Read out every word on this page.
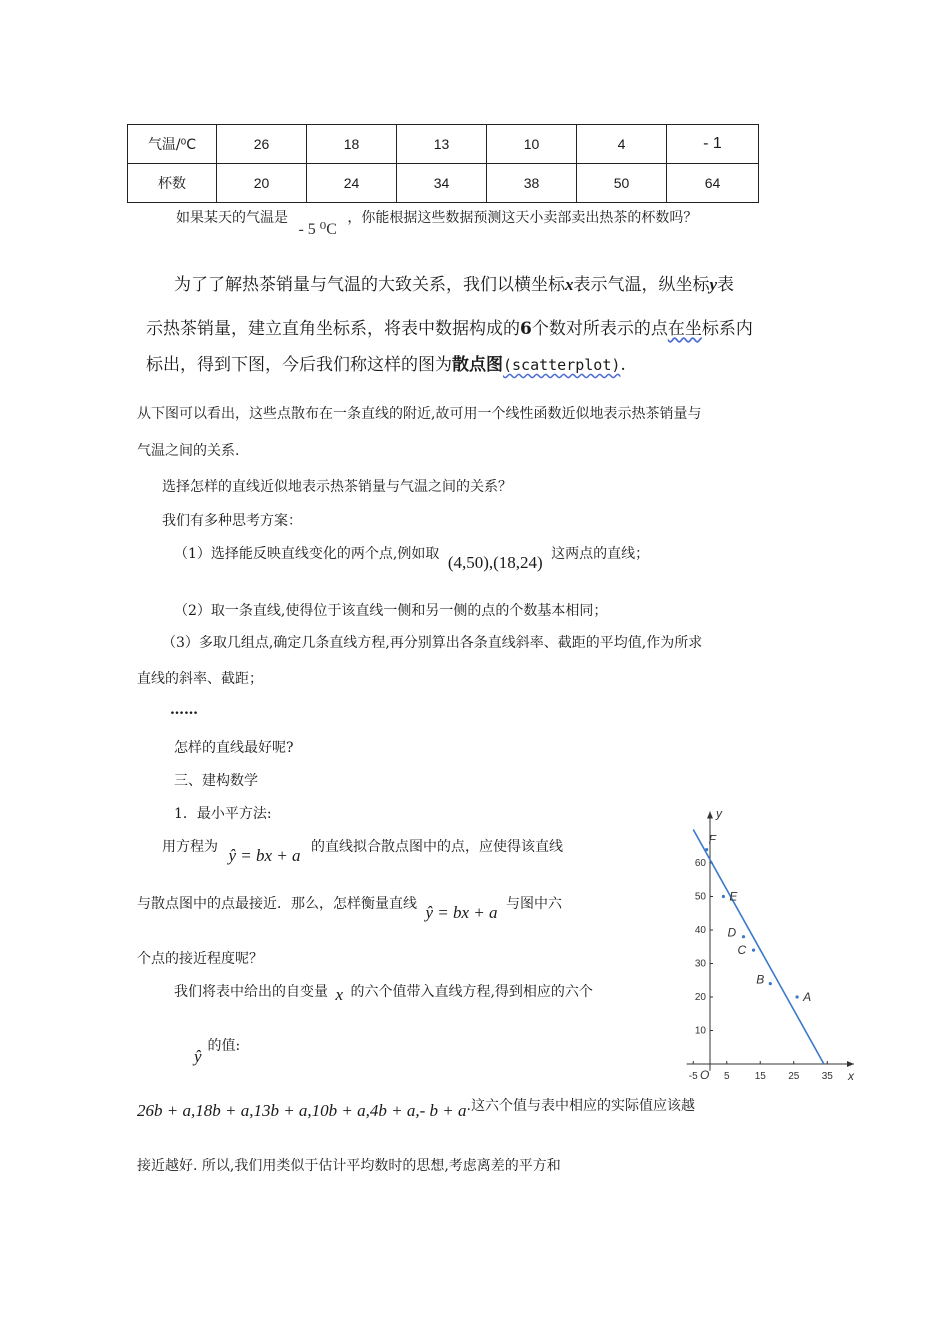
气温/⁰C	26	18	13	10	4	- 1
杯数	20	24	34	38	50	64
如果某天的气温是 - 5 ⁰C ，你能根据这些数据预测这天小卖部卖出热茶的杯数吗？
为了了解热茶销量与气温的大致关系，我们以横坐标x表示气温，纵坐标y表
示热茶销量，建立直角坐标系，将表中数据构成的6个数对所表示的点在坐标系内
标出，得到下图，今后我们称这样的图为散点图(scatterplot).
从下图可以看出，这些点散布在一条直线的附近,故可用一个线性函数近似地表示热茶销量与
气温之间的关系.
选择怎样的直线近似地表示热茶销量与气温之间的关系？
我们有多种思考方案：
（1）选择能反映直线变化的两个点,例如取 (4,50),(18,24) 这两点的直线；
（2）取一条直线,使得位于该直线一侧和另一侧的点的个数基本相同；
（3）多取几组点,确定几条直线方程,再分别算出各条直线斜率、截距的平均值,作为所求
直线的斜率、截距；
……
怎样的直线最好呢?
三、建构数学
1．最小平方法:
用方程为 ŷ = bx + a 的直线拟合散点图中的点，应使得该直线
与散点图中的点最接近．那么，怎样衡量直线 ŷ = bx + a 与图中六
个点的接近程度呢？
我们将表中给出的自变量 x 的六个值带入直线方程,得到相应的六个
ŷ的值:
26b + a,18b + a,13b + a,10b + a,4b + a,- b + a.这六个值与表中相应的实际值应该越
接近越好. 所以,我们用类似于估计平均数时的思想,考虑离差的平方和
x
y
O
-5	5	15 25 35
10
20
30
40
50
60
A
B
C
D
E
F
